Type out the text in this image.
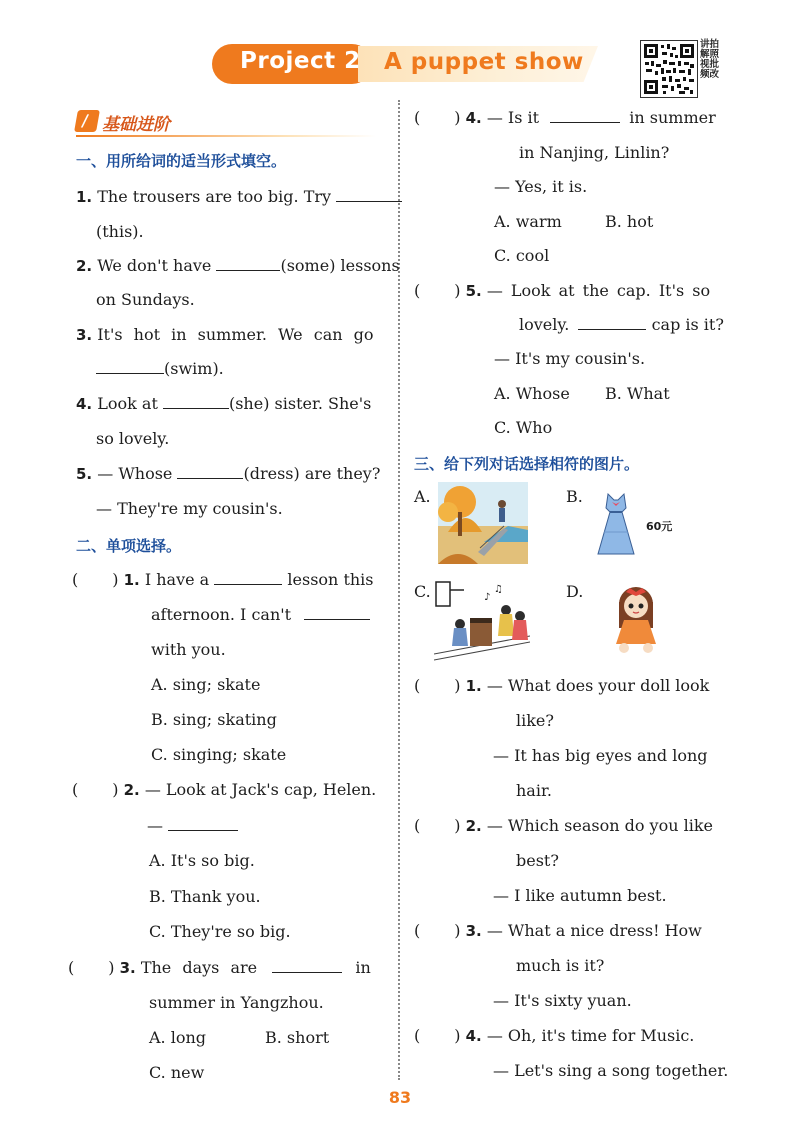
Project 2 A puppet show
讲拍
解照
视批
频改
/ 基础进阶
一、用所给词的适当形式填空。
1. The trousers are too big. Try
(this).
2. We don't have	(some) lessons
on Sundays.
3. It's hot in summer. We can go
(swim).
4. Look at	(she) sister. She's
so lovely.
5. — Whose	(dress) are they?
— They're my cousin's.
二、单项选择。
( ) 1. I have a	lesson this
afternoon. I can't
with you.
A. sing; skate
B. sing; skating
C. singing; skate
( ) 2. — Look at Jack's cap, Helen.
—
A. It's so big.
B. Thank you.
C. They're so big.
( ) 3. The days are	in
summer in Yangzhou.
A. long	B. short
C. new
( ) 4. — Is it	in summer
in Nanjing, Linlin?
— Yes, it is.
A. warm	B. hot
C. cool
( ) 5. — Look at the cap. It's so
lovely.	cap is it?
— It's my cousin's.
A. Whose B. What
C. Who
三、给下列对话选择相符的图片。
A.	B.
60元
C.	♪
♫	D.
( ) 1. — What does your doll look
like?
— It has big eyes and long
hair.
( ) 2. — Which season do you like
best?
— I like autumn best.
( ) 3. — What a nice dress! How
much is it?
— It's sixty yuan.
( ) 4. — Oh, it's time for Music.
— Let's sing a song together.
83
